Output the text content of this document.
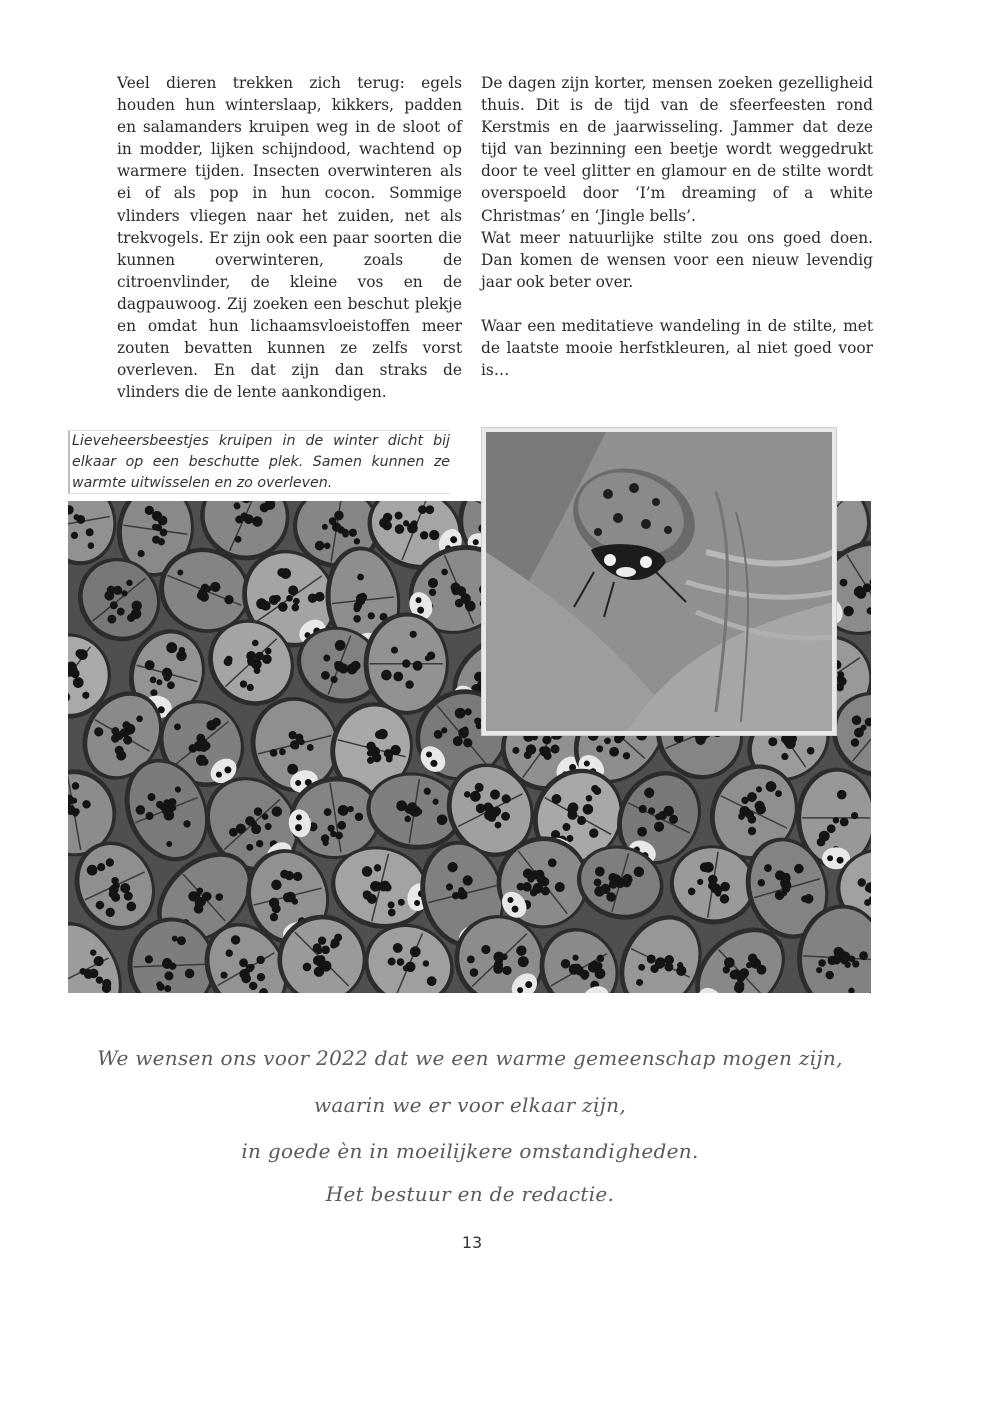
Veel dieren trekken zich terug: egels houden hun winterslaap, kikkers, padden en salamanders kruipen weg in de sloot of in modder, lijken schijndood, wachtend op warmere tijden. Insecten overwinteren als ei of als pop in hun cocon. Sommige vlinders vliegen naar het zuiden, net als trekvogels. Er zijn ook een paar soorten die kunnen overwinteren, zoals de citroenvlinder, de kleine vos en de dagpauwoog. Zij zoeken een beschut plekje en omdat hun lichaamsvloeistoffen meer zouten bevatten kunnen ze zelfs vorst overleven. En dat zijn dan straks de vlinders die de lente aankondigen.

De dagen zijn korter, mensen zoeken gezelligheid thuis. Dit is de tijd van de sfeerfeesten rond Kerstmis en de jaarwisseling. Jammer dat deze tijd van bezinning een beetje wordt weggedrukt door te veel glitter en glamour en de stilte wordt overspoeld door ‘I’m dreaming of a white Christmas’ en ‘Jingle bells’.

Wat meer natuurlijke stilte zou ons goed doen. Dan komen de wensen voor een nieuw levendig jaar ook beter over.

Waar een meditatieve wandeling in de stilte, met de laatste mooie herfstkleuren, al niet goed voor is…

Lieveheersbeestjes kruipen in de winter dicht bij elkaar op een beschutte plek. Samen kunnen ze warmte uitwisselen en zo overleven.
We wensen ons voor 2022 dat we een warme gemeenschap mogen zijn,
waarin we er voor elkaar zijn,
in goede èn in moeilijkere omstandigheden.
Het bestuur en de redactie.
13
